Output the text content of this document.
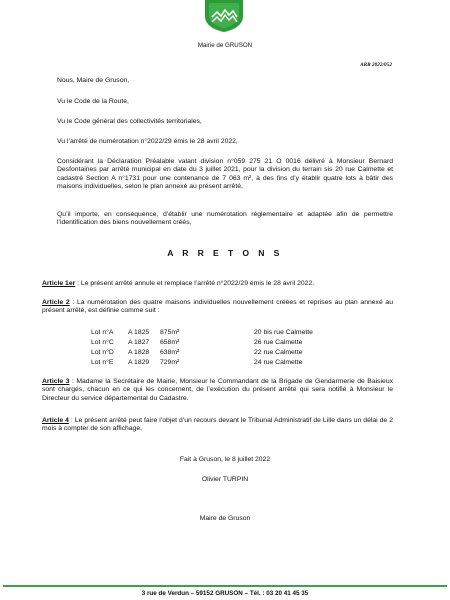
Mairie de GRUSON
ARR 2022/052
Nous, Maire de Gruson,
Vu le Code de la Route,
Vu le Code général des collectivités territoriales,
Vu l’arrêté de numérotation n°2022/29 émis le 28 avril 2022,
Considérant la Déclaration Préalable valant division n°059 275 21 O 0016 délivré à Monsieur Bernard Desfontaines par arrêté municipal en date du 3 juillet 2021, pour la division du terrain sis 20 rue Calmette et cadastré Section A n°1731 pour une contenance de 7 063 m², à des fins d’y établir quatre lots à bâtir des maisons individuelles, selon le plan annexé au présent arrêté,
Qu’il importe, en conséquence, d’établir une numérotation réglementaire et adaptée afin de permettre l’identification des biens nouvellement créés,
A R R E T O N S
Article 1er : Le présent arrêté annule et remplace l’arrêté n°2022/29 émis le 28 avril 2022.
Article 2 : La numérotation des quatre maisons individuelles nouvellement créées et reprises au plan annexé au présent arrêté, est définie comme suit :
Lot n°A A 1825 875m²	20 bis rue Calmette
Lot n°C A 1827 658m²	26 rue Calmette
Lot n°D A 1828 638m²	22 rue Calmette
Lot n°E A 1829 729m²	24 rue Calmette
Article 3 : Madame la Secrétaire de Mairie, Monsieur le Commandant de la Brigade de Gendarmerie de Baisieux sont chargés, chacun en ce qui les concernent, de l’exécution du présent arrêté qui sera notifié à Monsieur le Directeur du service départemental du Cadastre.
Article 4 : Le présent arrêté peut faire l’objet d’un recours devant le Tribunal Administratif de Lille dans un délai de 2 mois à compter de son affichage.
Fait à Gruson, le 8 juillet 2022
Olivier TURPIN
Maire de Gruson
3 rue de Verdun – 59152 GRUSON – Tél. : 03 20 41 45 35
